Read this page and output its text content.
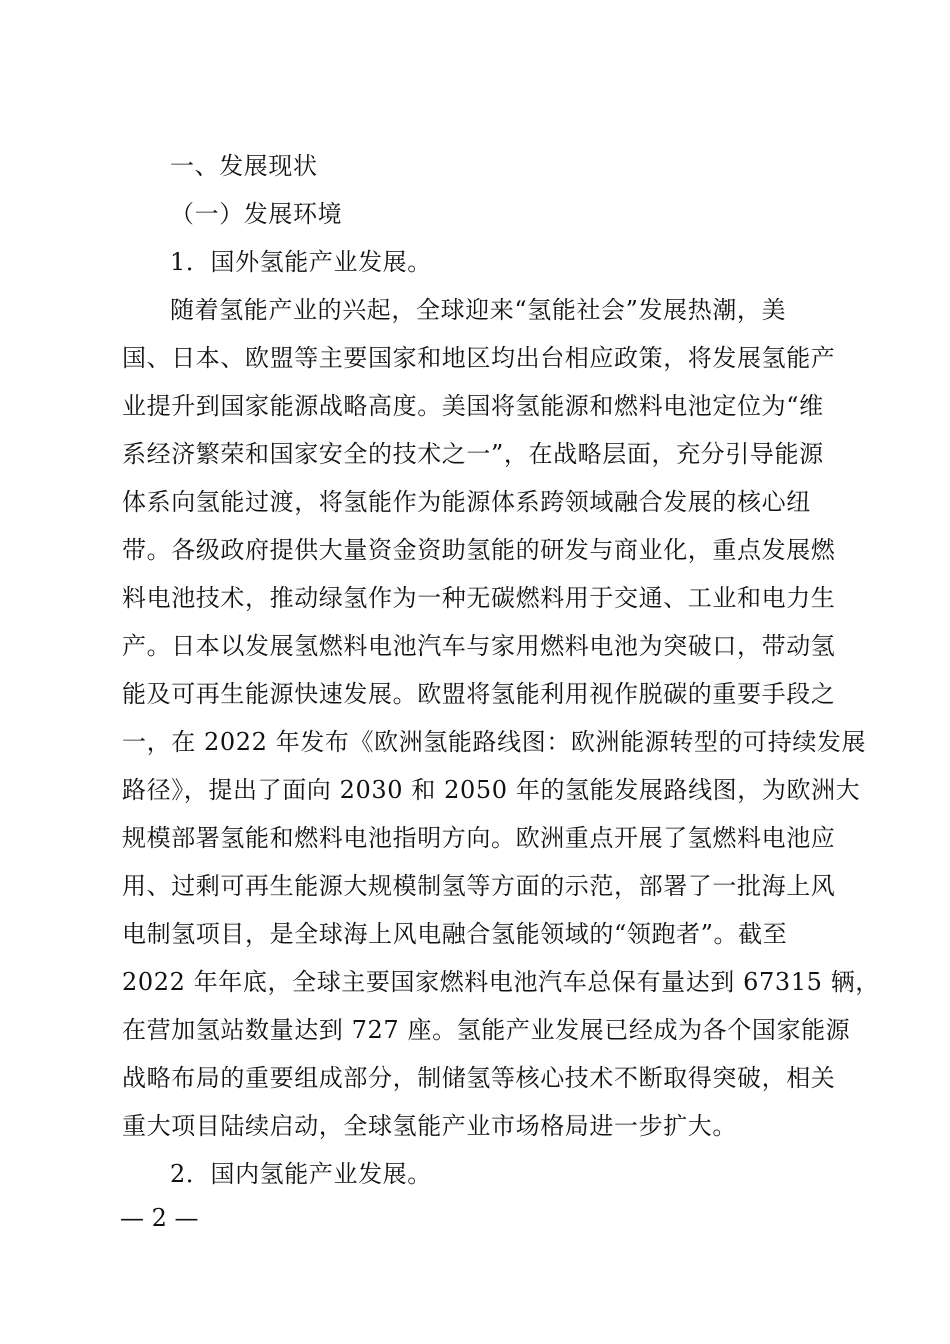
一、发展现状
（一）发展环境
1．国外氢能产业发展。
随着氢能产业的兴起，全球迎来“氢能社会”发展热潮，美
国、日本、欧盟等主要国家和地区均出台相应政策，将发展氢能产
业提升到国家能源战略高度。美国将氢能源和燃料电池定位为“维
系经济繁荣和国家安全的技术之一”，在战略层面，充分引导能源
体系向氢能过渡，将氢能作为能源体系跨领域融合发展的核心纽
带。各级政府提供大量资金资助氢能的研发与商业化，重点发展燃
料电池技术，推动绿氢作为一种无碳燃料用于交通、工业和电力生
产。日本以发展氢燃料电池汽车与家用燃料电池为突破口，带动氢
能及可再生能源快速发展。欧盟将氢能利用视作脱碳的重要手段之
一，在 2022 年发布《欧洲氢能路线图：欧洲能源转型的可持续发展
路径》，提出了面向 2030 和 2050 年的氢能发展路线图，为欧洲大
规模部署氢能和燃料电池指明方向。欧洲重点开展了氢燃料电池应
用、过剩可再生能源大规模制氢等方面的示范，部署了一批海上风
电制氢项目，是全球海上风电融合氢能领域的“领跑者”。截至
2022 年年底，全球主要国家燃料电池汽车总保有量达到 67315 辆，
在营加氢站数量达到 727 座。氢能产业发展已经成为各个国家能源
战略布局的重要组成部分，制储氢等核心技术不断取得突破，相关
重大项目陆续启动，全球氢能产业市场格局进一步扩大。
2．国内氢能产业发展。
— 2 —
